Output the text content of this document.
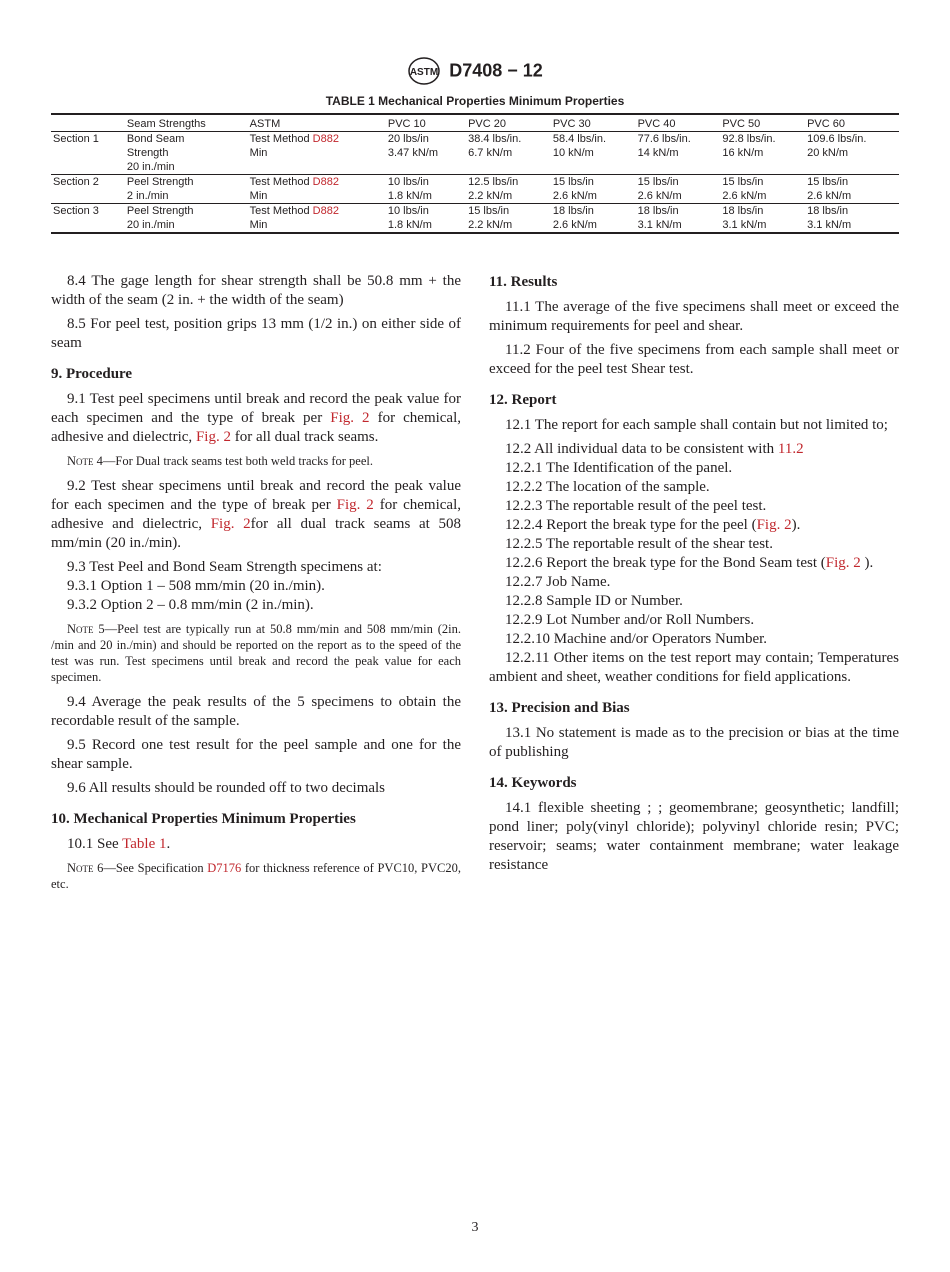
ASTM D7408 − 12
TABLE 1 Mechanical Properties Minimum Properties
	Seam Strengths	ASTM	PVC 10	PVC 20	PVC 30	PVC 40	PVC 50	PVC 60
Section 1	Bond Seam	Test Method D882	20 lbs/in	38.4 lbs/in.	58.4 lbs/in.	77.6 lbs/in.	92.8 lbs/in.	109.6 lbs/in.
	Strength	Min	3.47 kN/m	6.7 kN/m	10 kN/m	14 kN/m	16 kN/m	20 kN/m
	20 in./min							
Section 2	Peel Strength	Test Method D882	10 lbs/in	12.5 lbs/in	15 lbs/in	15 lbs/in	15 lbs/in	15 lbs/in
	2 in./min	Min	1.8 kN/m	2.2 kN/m	2.6 kN/m	2.6 kN/m	2.6 kN/m	2.6 kN/m
Section 3	Peel Strength	Test Method D882	10 lbs/in	15 lbs/in	18 lbs/in	18 lbs/in	18 lbs/in	18 lbs/in
	20 in./min	Min	1.8 kN/m	2.2 kN/m	2.6 kN/m	3.1 kN/m	3.1 kN/m	3.1 kN/m
8.4 The gage length for shear strength shall be 50.8 mm + the width of the seam (2 in. + the width of the seam)
8.5 For peel test, position grips 13 mm (1/2 in.) on either side of seam
9. Procedure
9.1 Test peel specimens until break and record the peak value for each specimen and the type of break per Fig. 2 for chemical, adhesive and dielectric, Fig. 2 for all dual track seams.
Note 4—For Dual track seams test both weld tracks for peel.
9.2 Test shear specimens until break and record the peak value for each specimen and the type of break per Fig. 2 for chemical, adhesive and dielectric, Fig. 2for all dual track seams at 508 mm/min (20 in./min).
9.3 Test Peel and Bond Seam Strength specimens at:
9.3.1 Option 1 – 508 mm/min (20 in./min).
9.3.2 Option 2 – 0.8 mm/min (2 in./min).
Note 5—Peel test are typically run at 50.8 mm/min and 508 mm/min (2in. /min and 20 in./min) and should be reported on the report as to the speed of the test was run. Test specimens until break and record the peak value for each specimen.
9.4 Average the peak results of the 5 specimens to obtain the recordable result of the sample.
9.5 Record one test result for the peel sample and one for the shear sample.
9.6 All results should be rounded off to two decimals
10. Mechanical Properties Minimum Properties
10.1 See Table 1.
Note 6—See Specification D7176 for thickness reference of PVC10, PVC20, etc.
11. Results
11.1 The average of the five specimens shall meet or exceed the minimum requirements for peel and shear.
11.2 Four of the five specimens from each sample shall meet or exceed for the peel test Shear test.
12. Report
12.1 The report for each sample shall contain but not limited to;
12.2 All individual data to be consistent with 11.2
12.2.1 The Identification of the panel.
12.2.2 The location of the sample.
12.2.3 The reportable result of the peel test.
12.2.4 Report the break type for the peel (Fig. 2).
12.2.5 The reportable result of the shear test.
12.2.6 Report the break type for the Bond Seam test (Fig. 2 ).
12.2.7 Job Name.
12.2.8 Sample ID or Number.
12.2.9 Lot Number and/or Roll Numbers.
12.2.10 Machine and/or Operators Number.
12.2.11 Other items on the test report may contain; Temperatures ambient and sheet, weather conditions for field applications.
13. Precision and Bias
13.1 No statement is made as to the precision or bias at the time of publishing
14. Keywords
14.1 flexible sheeting ; ; geomembrane; geosynthetic; landfill; pond liner; poly(vinyl chloride); polyvinyl chloride resin; PVC; reservoir; seams; water containment membrane; water leakage resistance
3
